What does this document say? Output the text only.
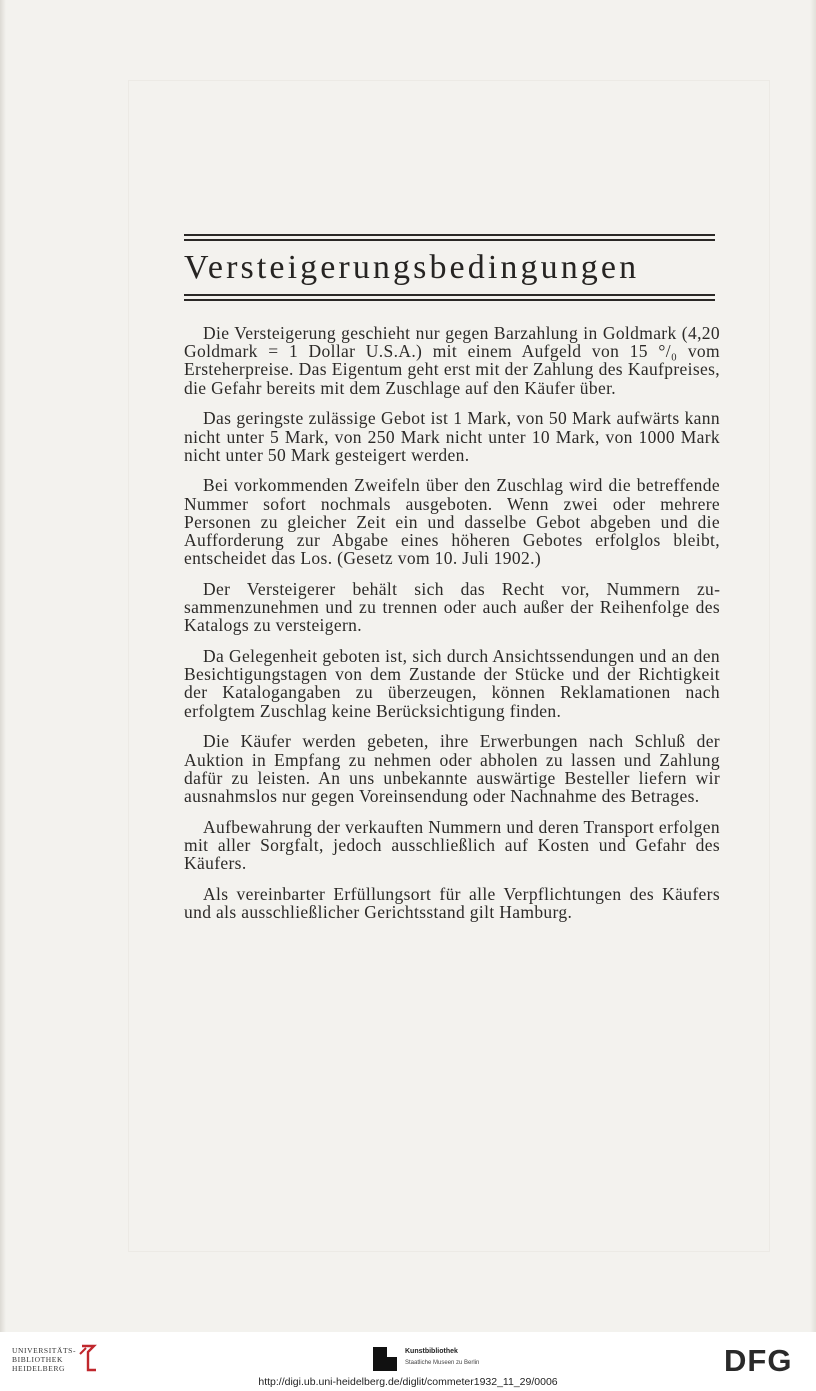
Versteigerungsbedingungen

Die Versteigerung geschieht nur gegen Barzahlung in Goldmark (4,20 Goldmark = 1 Dollar U.S.A.) mit einem Aufgeld von 15 °/₀ vom Ersteherpreise. Das Eigentum geht erst mit der Zahlung des Kaufpreises, die Gefahr bereits mit dem Zuschlage auf den Käufer über.

Das geringste zulässige Gebot ist 1 Mark, von 50 Mark aufwärts kann nicht unter 5 Mark, von 250 Mark nicht unter 10 Mark, von 1000 Mark nicht unter 50 Mark gesteigert werden.

Bei vorkommenden Zweifeln über den Zuschlag wird die betreffende Nummer sofort nochmals ausgeboten. Wenn zwei oder mehrere Personen zu gleicher Zeit ein und dasselbe Gebot abgeben und die Aufforderung zur Abgabe eines höheren Gebotes erfolglos bleibt, entscheidet das Los. (Gesetz vom 10. Juli 1902.)

Der Versteigerer behält sich das Recht vor, Nummern zusammenzunehmen und zu trennen oder auch außer der Reihenfolge des Katalogs zu versteigern.

Da Gelegenheit geboten ist, sich durch Ansichtssendungen und an den Besichtigungstagen von dem Zustande der Stücke und der Richtigkeit der Katalogangaben zu überzeugen, können Reklamationen nach erfolgtem Zuschlag keine Berücksichtigung finden.

Die Käufer werden gebeten, ihre Erwerbungen nach Schluß der Auktion in Empfang zu nehmen oder abholen zu lassen und Zahlung dafür zu leisten. An uns unbekannte auswärtige Besteller liefern wir ausnahmslos nur gegen Voreinsendung oder Nachnahme des Betrages.

Aufbewahrung der verkauften Nummern und deren Transport erfolgen mit aller Sorgfalt, jedoch ausschließlich auf Kosten und Gefahr des Käufers.

Als vereinbarter Erfüllungsort für alle Verpflichtungen des Käufers und als ausschließlicher Gerichtsstand gilt Hamburg.

UNIVERSITÄTS-
BIBLIOTHEK
HEIDELBERG
Kunstbibliothek
Staatliche Museen zu Berlin	DFG
http://digi.ub.uni-heidelberg.de/diglit/commeter1932_11_29/0006
